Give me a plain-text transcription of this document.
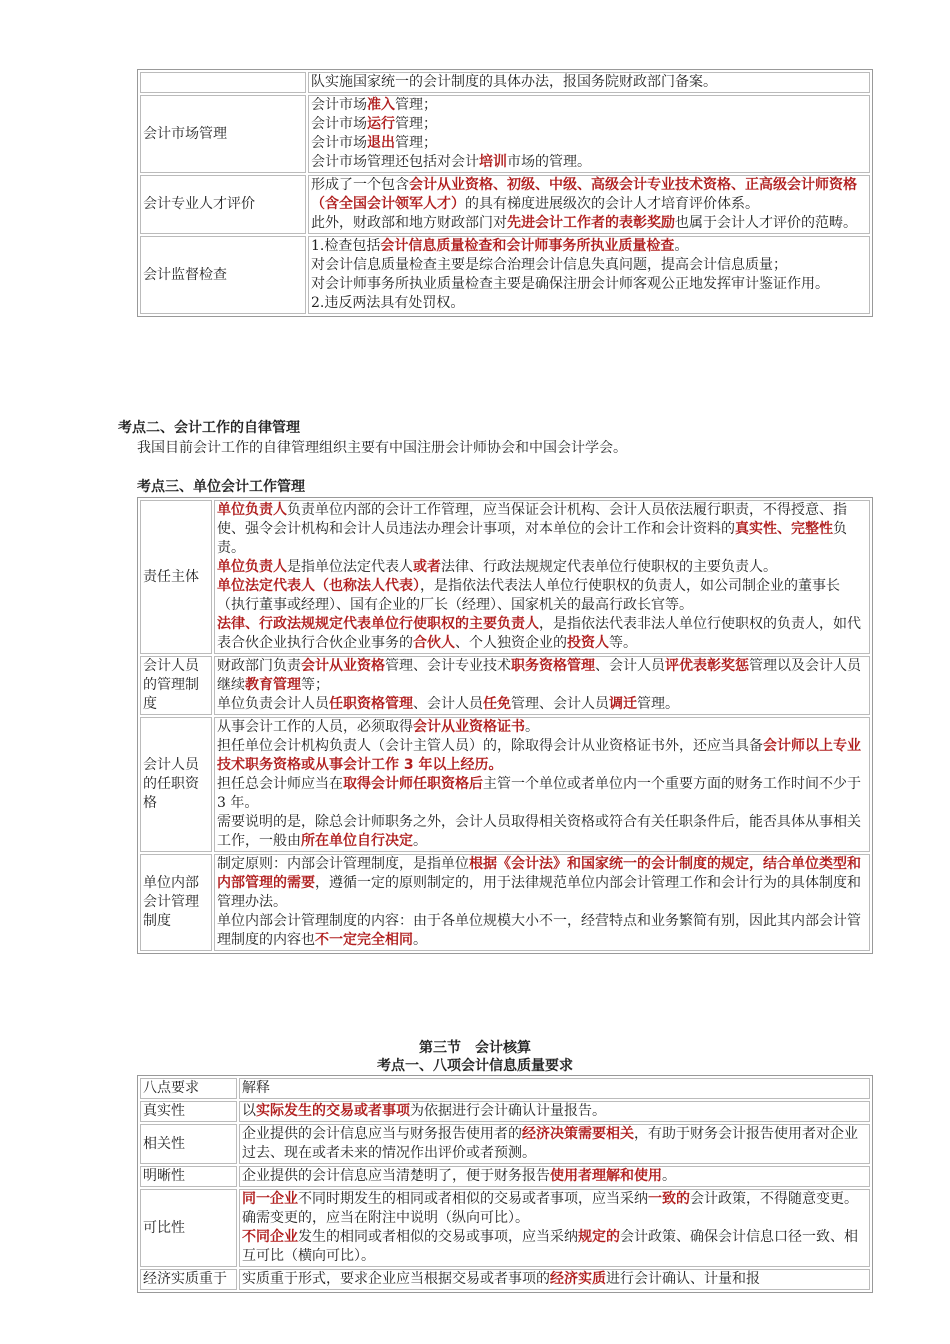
	队实施国家统一的会计制度的具体办法，报国务院财政部门备案。

会计市场管理	会计市场准入管理；
会计市场运行管理；
会计市场退出管理；
会计市场管理还包括对会计培训市场的管理。

会计专业人才评价	形成了一个包含会计从业资格、初级、中级、高级会计专业技术资格、正高级会计师资格（含全国会计领军人才）的具有梯度进展级次的会计人才培育评价体系。
此外，财政部和地方财政部门对先进会计工作者的表彰奖励也属于会计人才评价的范畴。

会计监督检查	1.检查包括会计信息质量检查和会计师事务所执业质量检查。
对会计信息质量检查主要是综合治理会计信息失真问题，提高会计信息质量；
对会计师事务所执业质量检查主要是确保注册会计师客观公正地发挥审计鉴证作用。
2.违反两法具有处罚权。
考点二、会计工作的自律管理
我国目前会计工作的自律管理组织主要有中国注册会计师协会和中国会计学会。
考点三、单位会计工作管理
责任主体	单位负责人负责单位内部的会计工作管理，应当保证会计机构、会计人员依法履行职责，不得授意、指使、强令会计机构和会计人员违法办理会计事项，对本单位的会计工作和会计资料的真实性、完整性负责。
单位负责人是指单位法定代表人或者法律、行政法规规定代表单位行使职权的主要负责人。
单位法定代表人（也称法人代表），是指依法代表法人单位行使职权的负责人，如公司制企业的董事长（执行董事或经理）、国有企业的厂长（经理）、国家机关的最高行政长官等。
法律、行政法规规定代表单位行使职权的主要负责人，是指依法代表非法人单位行使职权的负责人，如代表合伙企业执行合伙企业事务的合伙人、个人独资企业的投资人等。

会计人员的管理制度	财政部门负责会计从业资格管理、会计专业技术职务资格管理、会计人员评优表彰奖惩管理以及会计人员继续教育管理等；
单位负责会计人员任职资格管理、会计人员任免管理、会计人员调迁管理。

会计人员的任职资格	从事会计工作的人员，必须取得会计从业资格证书。
担任单位会计机构负责人（会计主管人员）的，除取得会计从业资格证书外，还应当具备会计师以上专业技术职务资格或从事会计工作 3 年以上经历。
担任总会计师应当在取得会计师任职资格后主管一个单位或者单位内一个重要方面的财务工作时间不少于 3 年。
需要说明的是，除总会计师职务之外，会计人员取得相关资格或符合有关任职条件后，能否具体从事相关工作，一般由所在单位自行决定。

单位内部会计管理制度	制定原则：内部会计管理制度，是指单位根据《会计法》和国家统一的会计制度的规定，结合单位类型和内部管理的需要，遵循一定的原则制定的，用于法律规范单位内部会计管理工作和会计行为的具体制度和管理办法。
单位内部会计管理制度的内容：由于各单位规模大小不一，经营特点和业务繁简有别，因此其内部会计管理制度的内容也不一定完全相同。
第三节　会计核算
考点一、八项会计信息质量要求
八点要求	解释
真实性	以实际发生的交易或者事项为依据进行会计确认计量报告。

相关性	企业提供的会计信息应当与财务报告使用者的经济决策需要相关，有助于财务会计报告使用者对企业过去、现在或者未来的情况作出评价或者预测。

明晰性	企业提供的会计信息应当清楚明了，便于财务报告使用者理解和使用。

可比性	同一企业不同时期发生的相同或者相似的交易或者事项，应当采纳一致的会计政策，不得随意变更。确需变更的，应当在附注中说明（纵向可比）。
不同企业发生的相同或者相似的交易或事项，应当采纳规定的会计政策、确保会计信息口径一致、相互可比（横向可比）。

经济实质重于	实质重于形式，要求企业应当根据交易或者事项的经济实质进行会计确认、计量和报
